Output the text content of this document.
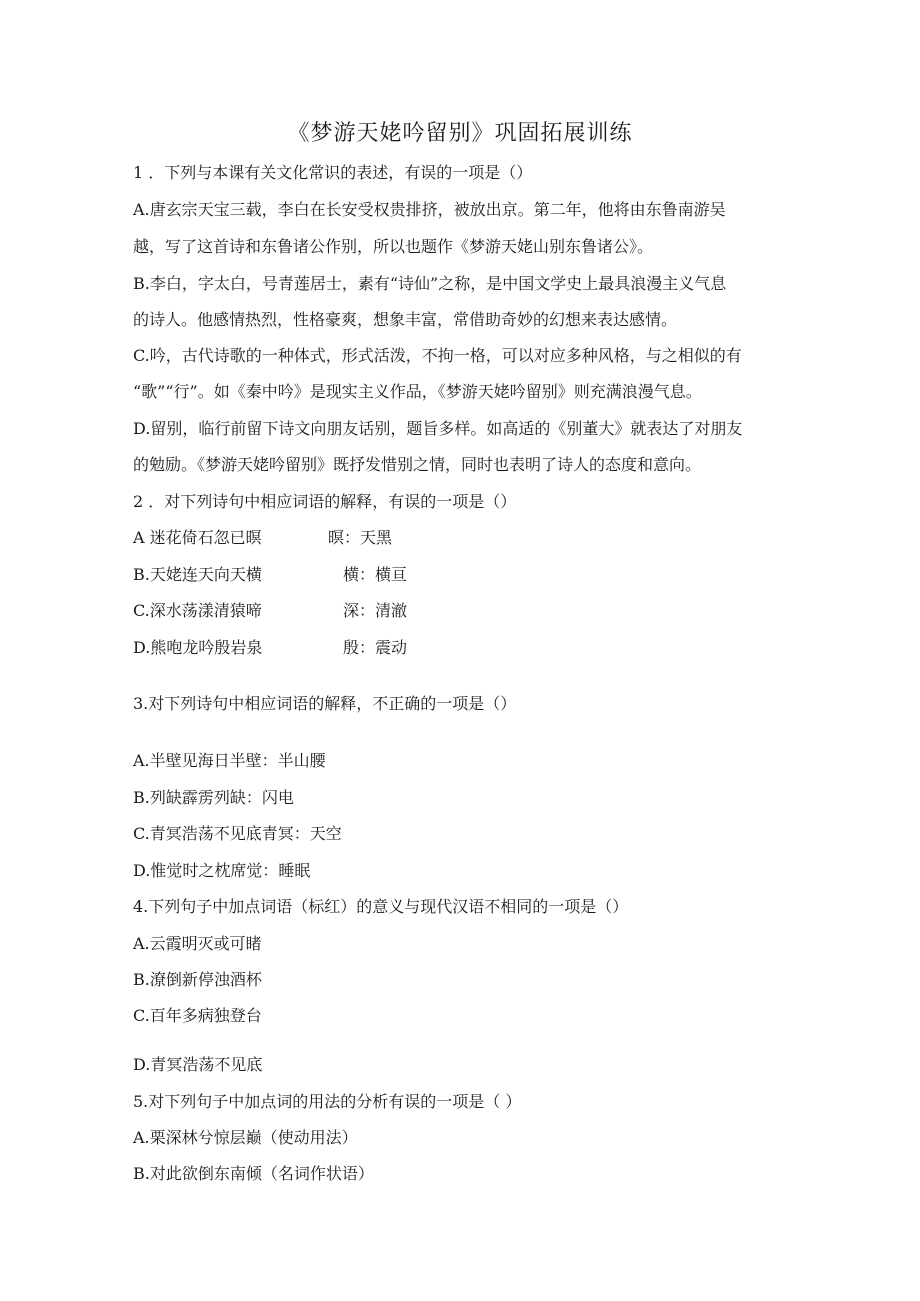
《梦游天姥吟留别》巩固拓展训练
1 ．下列与本课有关文化常识的表述，有误的一项是（）
A.唐玄宗天宝三载，李白在长安受权贵排挤，被放出京。第二年，他将由东鲁南游吴
越，写了这首诗和东鲁诸公作别，所以也题作《梦游天姥山别东鲁诸公》。
B.李白，字太白，号青莲居士，素有“诗仙”之称，是中国文学史上最具浪漫主义气息
的诗人。他感情热烈，性格豪爽，想象丰富，常借助奇妙的幻想来表达感情。
C.吟，古代诗歌的一种体式，形式活泼，不拘一格，可以对应多种风格，与之相似的有
“歌”“行”。如《秦中吟》是现实主义作品，《梦游天姥吟留别》则充满浪漫气息。
D.留别，临行前留下诗文向朋友话别，题旨多样。如高适的《别董大》就表达了对朋友
的勉励。《梦游天姥吟留别》既抒发惜别之情，同时也表明了诗人的态度和意向。
2 ．对下列诗句中相应词语的解释，有误的一项是（）
A 迷花倚石忽已暝	暝：天黑
B.天姥连天向天横	横：横亘
C.深水荡漾清猿啼	深：清澈
D.熊咆龙吟殷岩泉	殷：震动
3.对下列诗句中相应词语的解释，不正确的一项是（）
A.半壁见海日半壁：半山腰
B.列缺霹雳列缺：闪电
C.青冥浩荡不见底青冥：天空
D.惟觉时之枕席觉：睡眠
4.下列句子中加点词语（标红）的意义与现代汉语不相同的一项是（）
A.云霞明灭或可睹
B.潦倒新停浊酒杯
C.百年多病独登台
D.青冥浩荡不见底
5.对下列句子中加点词的用法的分析有误的一项是（ ）
A.栗深林兮惊层巅（使动用法）
B.对此欲倒东南倾（名词作状语）
